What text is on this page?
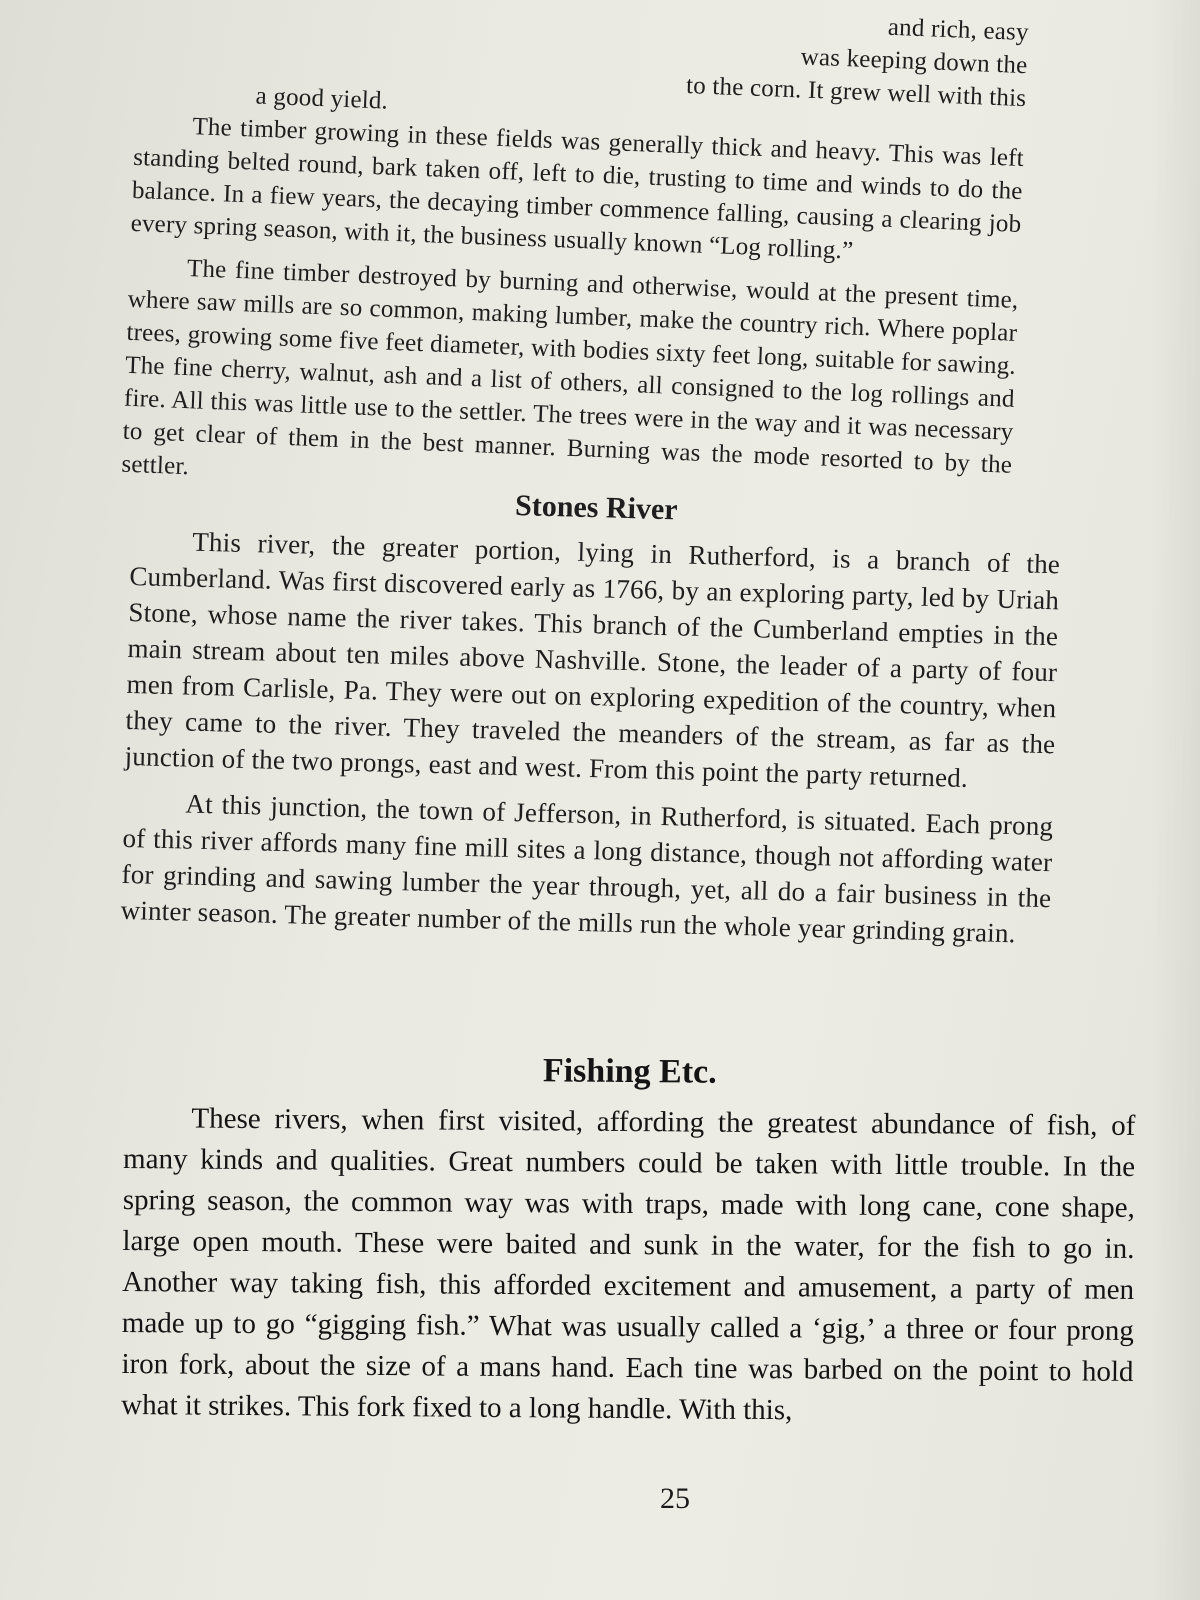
and rich, easy

was keeping down the

to the corn. It grew well with this

a good yield.

The timber growing in these fields was generally thick and heavy. This was left standing belted round, bark taken off, left to die, trusting to time and winds to do the balance. In a fiew years, the decaying timber commence falling, causing a clearing job every spring season, with it, the business usually known “Log rolling.”

The fine timber destroyed by burning and otherwise, would at the present time, where saw mills are so common, making lumber, make the country rich. Where poplar trees, growing some five feet diameter, with bodies sixty feet long, suitable for sawing. The fine cherry, walnut, ash and a list of others, all consigned to the log rollings and fire. All this was little use to the settler. The trees were in the way and it was necessary to get clear of them in the best manner. Burning was the mode resorted to by the settler.

Stones River

This river, the greater portion, lying in Rutherford, is a branch of the Cumberland. Was first discovered early as 1766, by an exploring party, led by Uriah Stone, whose name the river takes. This branch of the Cumberland empties in the main stream about ten miles above Nashville. Stone, the leader of a party of four men from Carlisle, Pa. They were out on exploring expedition of the country, when they came to the river. They traveled the meanders of the stream, as far as the junction of the two prongs, east and west. From this point the party returned.

At this junction, the town of Jefferson, in Rutherford, is situated. Each prong of this river affords many fine mill sites a long distance, though not affording water for grinding and sawing lumber the year through, yet, all do a fair business in the winter season. The greater number of the mills run the whole year grinding grain.

Fishing Etc.

These rivers, when first visited, affording the greatest abundance of fish, of many kinds and qualities. Great numbers could be taken with little trouble. In the spring season, the common way was with traps, made with long cane, cone shape, large open mouth. These were baited and sunk in the water, for the fish to go in. Another way taking fish, this afforded excitement and amusement, a party of men made up to go “gigging fish.” What was usually called a ‘gig,’ a three or four prong iron fork, about the size of a mans hand. Each tine was barbed on the point to hold what it strikes. This fork fixed to a long handle. With this,

25
